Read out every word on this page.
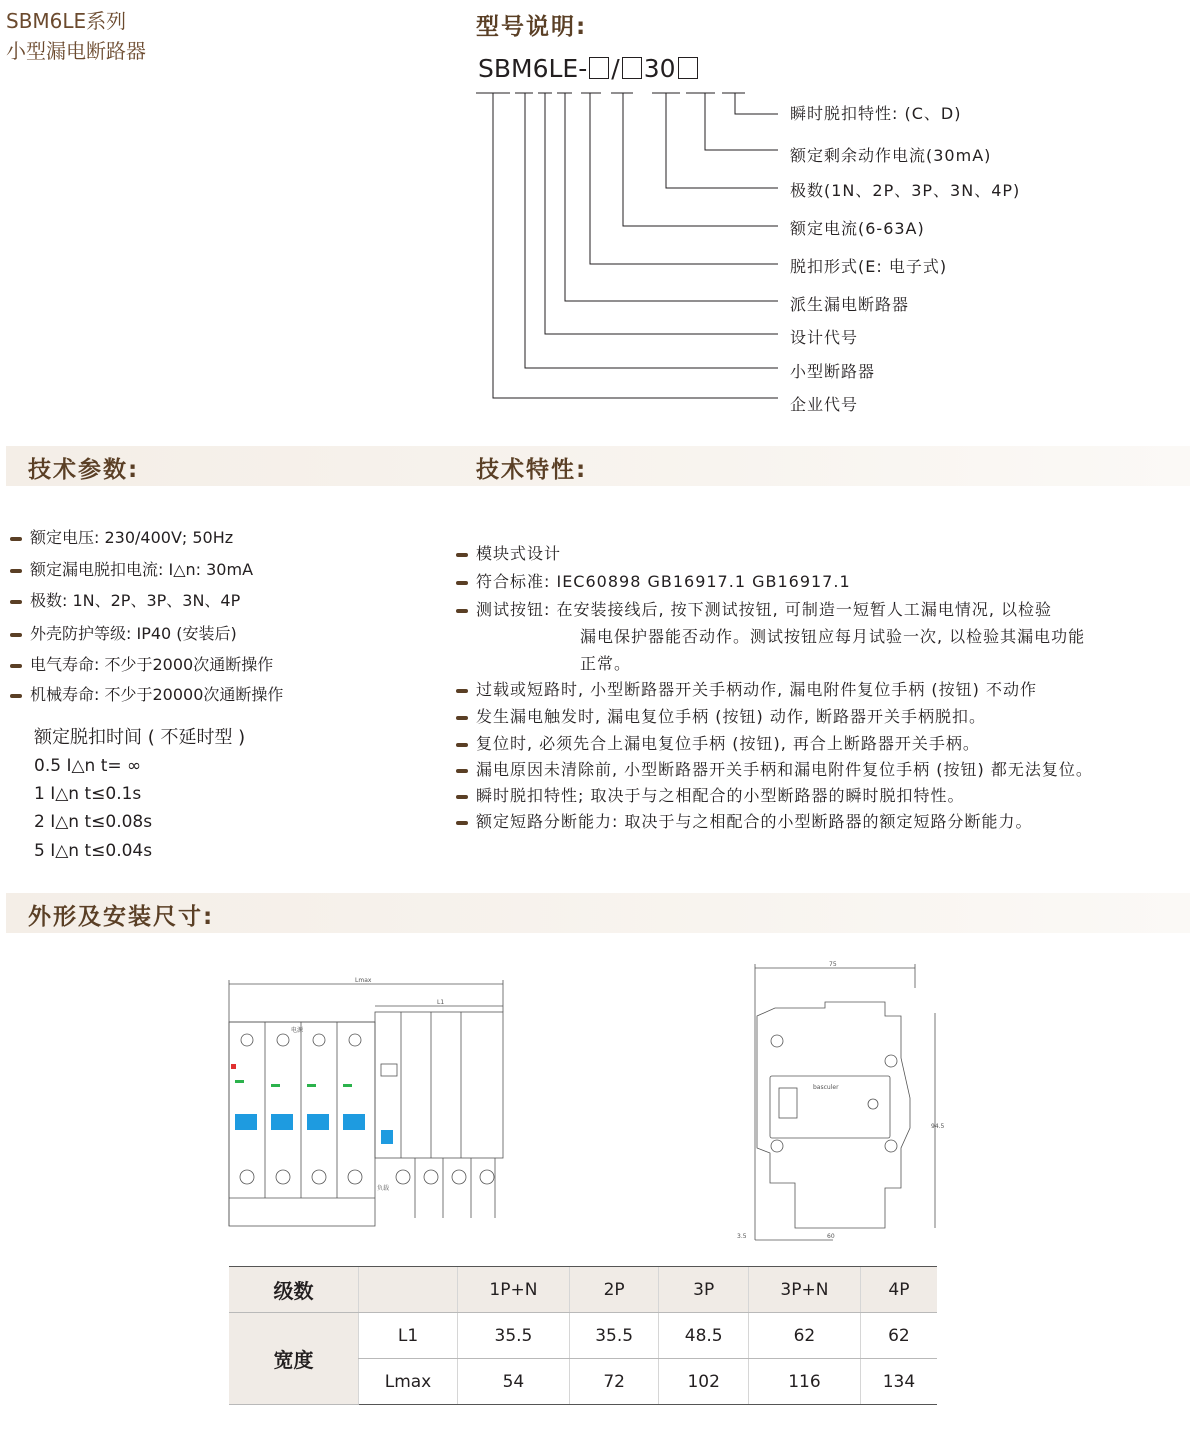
SBM6LE系列
小型漏电断路器
型号说明:
SBM6LE- / 30
瞬时脱扣特性: (C、D)
额定剩余动作电流(30mA)
极数(1N、2P、3P、3N、4P)
额定电流(6-63A)
脱扣形式(E: 电子式)
派生漏电断路器
设计代号
小型断路器
企业代号
技术参数:	技术特性:
额定电压: 230/400V; 50Hz
额定漏电脱扣电流: I△n: 30mA
极数: 1N、2P、3P、3N、4P
外壳防护等级: IP40 (安装后)
电气寿命: 不少于2000次通断操作
机械寿命: 不少于20000次通断操作
额定脱扣时间 ( 不延时型 )
0.5 I△n t= ∞
1 I△n t≤0.1s
2 I△n t≤0.08s
5 I△n t≤0.04s
模块式设计
符合标准: IEC60898 GB16917.1 GB16917.1
测试按钮: 在安装接线后, 按下测试按钮, 可制造一短暂人工漏电情况, 以检验
漏电保护器能否动作。测试按钮应每月试验一次, 以检验其漏电功能
正常。
过载或短路时, 小型断路器开关手柄动作, 漏电附件复位手柄 (按钮) 不动作
发生漏电触发时, 漏电复位手柄 (按钮) 动作, 断路器开关手柄脱扣。
复位时, 必须先合上漏电复位手柄 (按钮), 再合上断路器开关手柄。
漏电原因未清除前, 小型断路器开关手柄和漏电附件复位手柄 (按钮) 都无法复位。
瞬时脱扣特性; 取决于与之相配合的小型断路器的瞬时脱扣特性。
额定短路分断能力: 取决于与之相配合的小型断路器的额定短路分断能力。
外形及安装尺寸:
Lmax
L1
电源
负载
75
94.5
60
3.5
basculer
级数		1P+N	2P	3P	3P+N	4P
宽度	L1	35.5	35.5	48.5	62	62
	Lmax	54	72	102	116	134
